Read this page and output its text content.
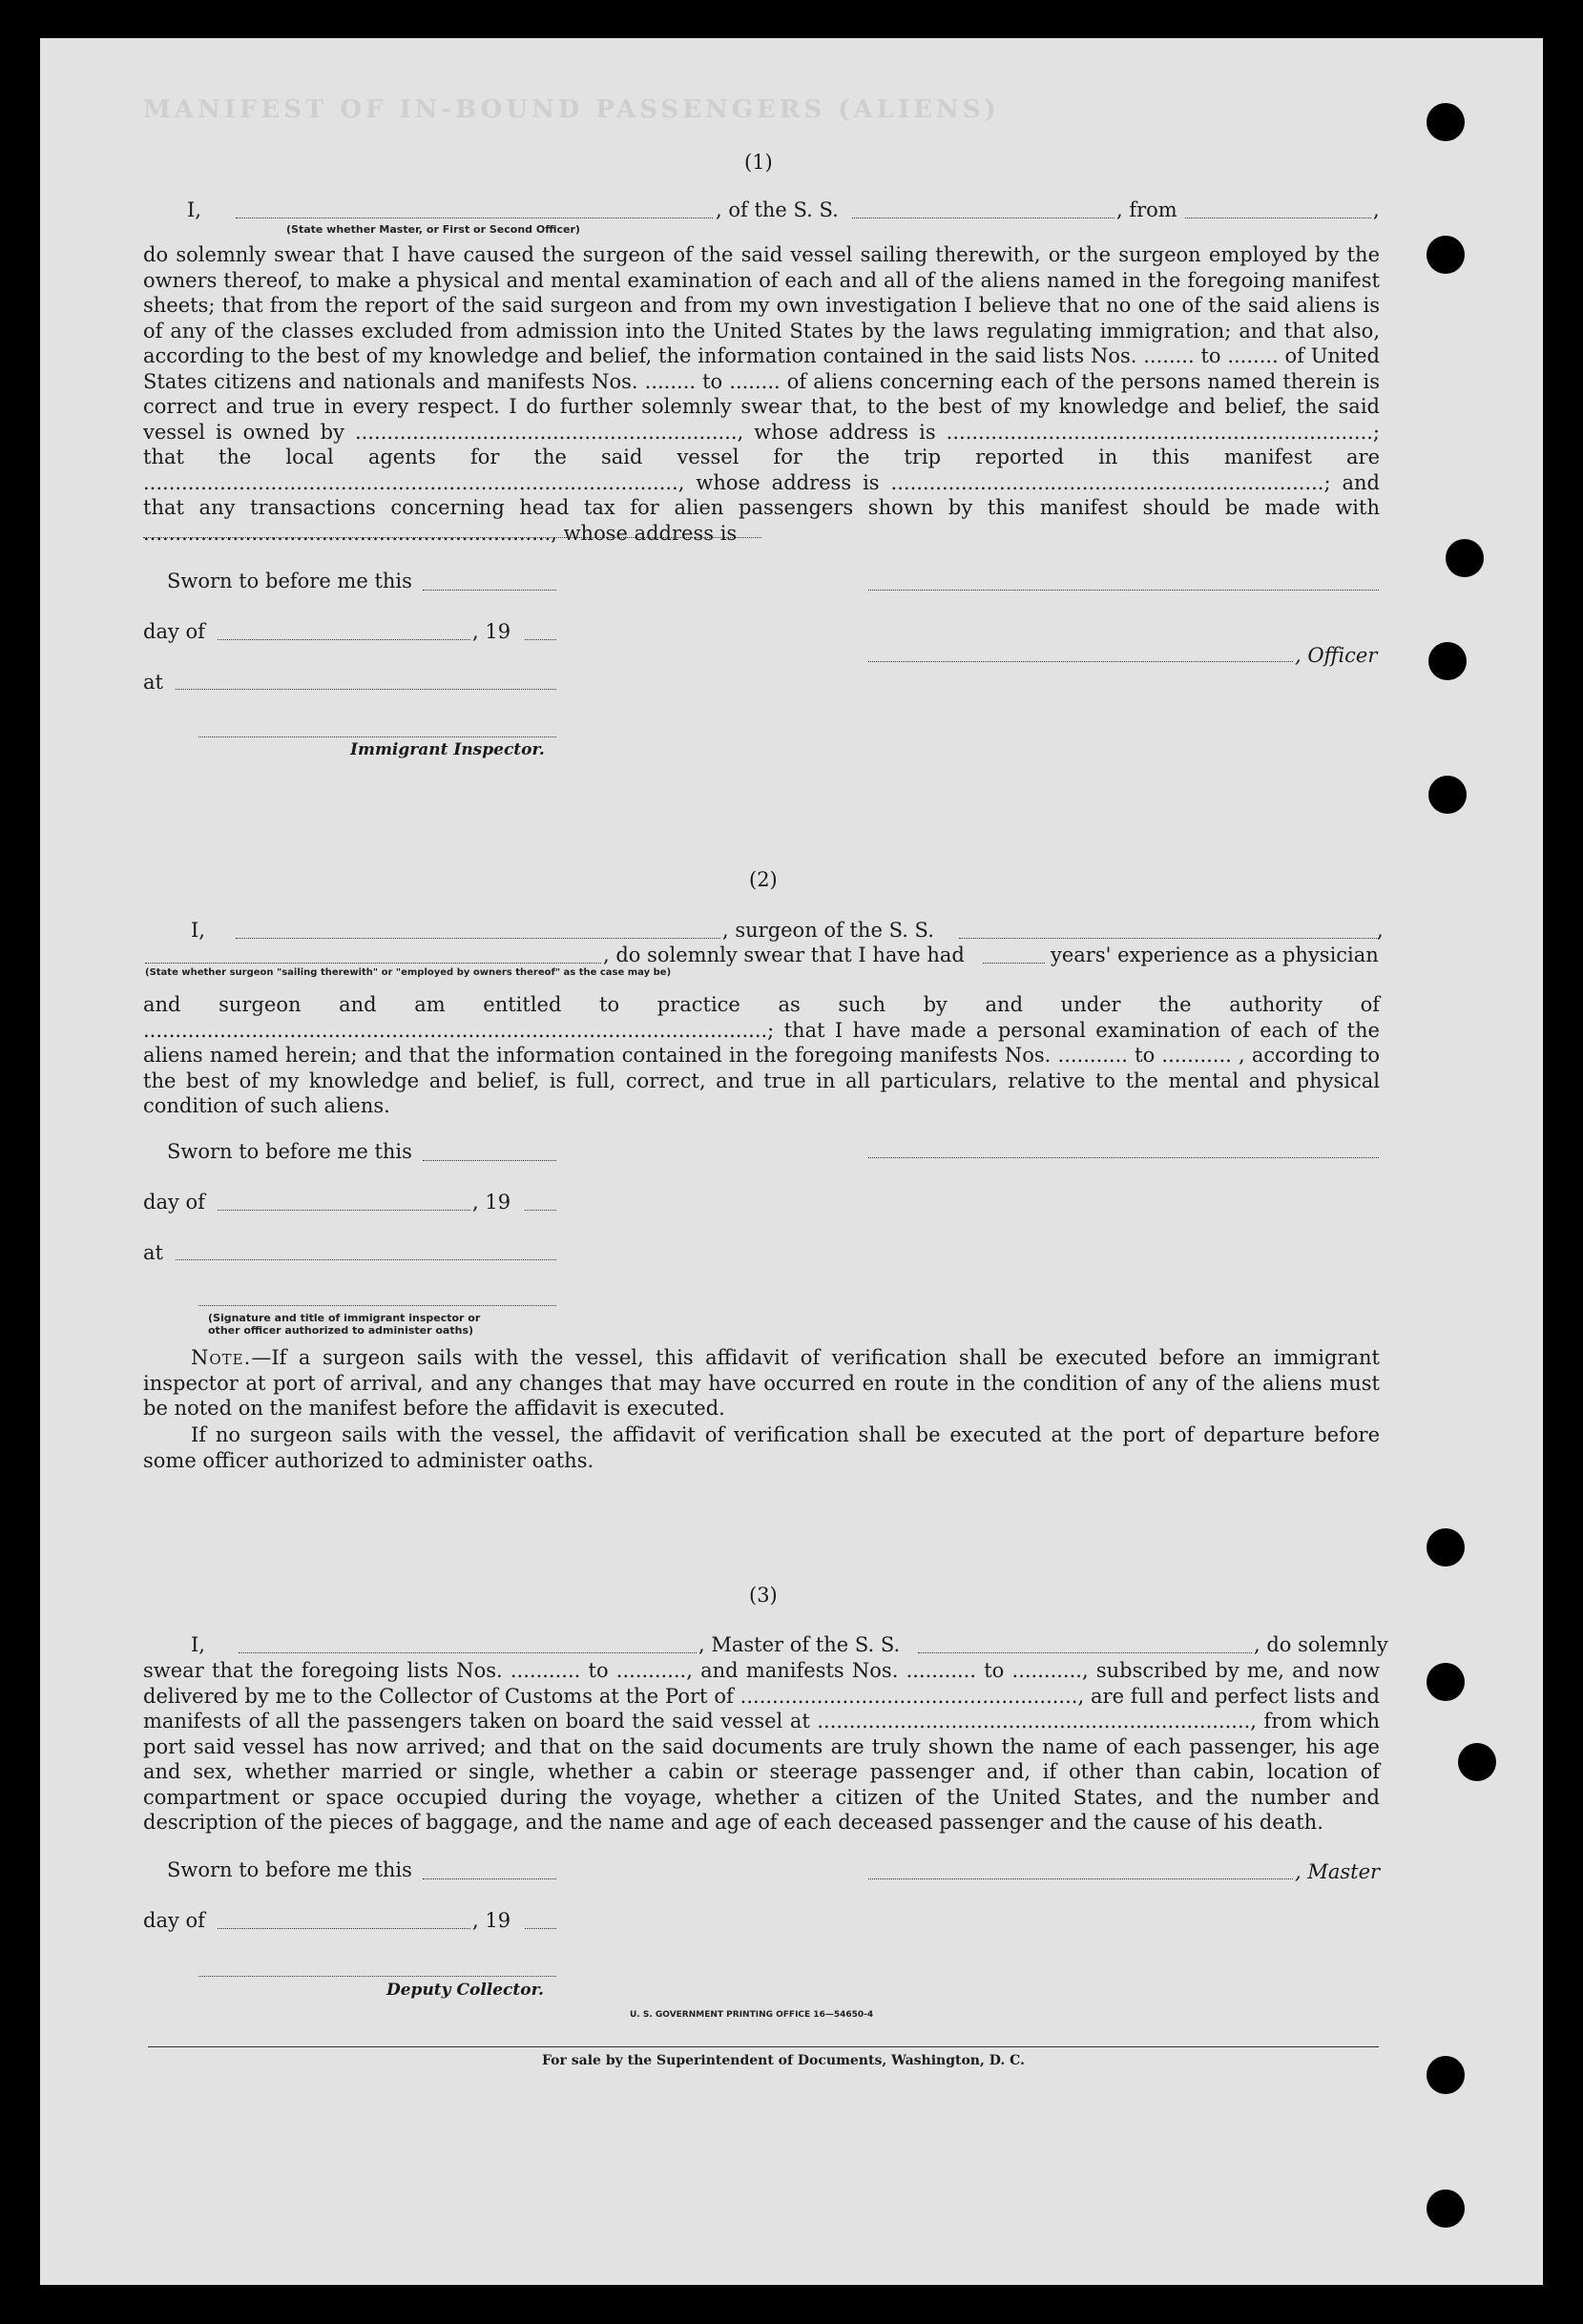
MANIFEST OF IN-BOUND PASSENGERS (ALIENS)
(1)
I,	, of the S. S.	, from	,
(State whether Master, or First or Second Officer)
do solemnly swear that I have caused the surgeon of the said vessel sailing therewith, or the surgeon employed by the owners thereof, to make a physical and mental examination of each and all of the aliens named in the foregoing manifest sheets; that from the report of the said surgeon and from my own investigation I believe that no one of the said aliens is of any of the classes excluded from admission into the United States by the laws regulating immigration; and that also, according to the best of my knowledge and belief, the information contained in the said lists Nos. ........ to ........ of United States citizens and nationals and manifests Nos. ........ to ........ of aliens concerning each of the persons named therein is correct and true in every respect. I do further solemnly swear that, to the best of my knowledge and belief, the said vessel is owned by ............................................................, whose address is ...................................................................; that the local agents for the said vessel for the trip reported in this manifest are ...................................................................................., whose address is ....................................................................; and that any transactions concerning head tax for alien passengers shown by this manifest should be made with ................................................................, whose address is
Sworn to before me this
day of	, 19
, Officer
at
Immigrant Inspector.
(2)
I,	, surgeon of the S. S.	,
, do solemnly swear that I have had	years' experience as a physician
(State whether surgeon "sailing therewith" or "employed by owners thereof" as the case may be)
and surgeon and am entitled to practice as such by and under the authority of ..................................................................................................; that I have made a personal examination of each of the aliens named herein; and that the information contained in the foregoing manifests Nos. ........... to ........... , according to the best of my knowledge and belief, is full, correct, and true in all particulars, relative to the mental and physical condition of such aliens.
Sworn to before me this
day of	, 19
at
(Signature and title of immigrant inspector or
other officer authorized to administer oaths)
Note.—If a surgeon sails with the vessel, this affidavit of verification shall be executed before an immigrant inspector at port of arrival, and any changes that may have occurred en route in the condition of any of the aliens must be noted on the manifest before the affidavit is executed.
If no surgeon sails with the vessel, the affidavit of verification shall be executed at the port of departure before some officer authorized to administer oaths.
(3)
I,	, Master of the S. S.	, do solemnly
swear that the foregoing lists Nos. ........... to ..........., and manifests Nos. ........... to ..........., subscribed by me, and now delivered by me to the Collector of Customs at the Port of ....................................................., are full and perfect lists and manifests of all the passengers taken on board the said vessel at ...................................................................., from which port said vessel has now arrived; and that on the said documents are truly shown the name of each passenger, his age and sex, whether married or single, whether a cabin or steerage passenger and, if other than cabin, location of compartment or space occupied during the voyage, whether a citizen of the United States, and the number and description of the pieces of baggage, and the name and age of each deceased passenger and the cause of his death.
Sworn to before me this	, Master
day of	, 19
Deputy Collector.
U. S. GOVERNMENT PRINTING OFFICE 16—54650-4
For sale by the Superintendent of Documents, Washington, D. C.
